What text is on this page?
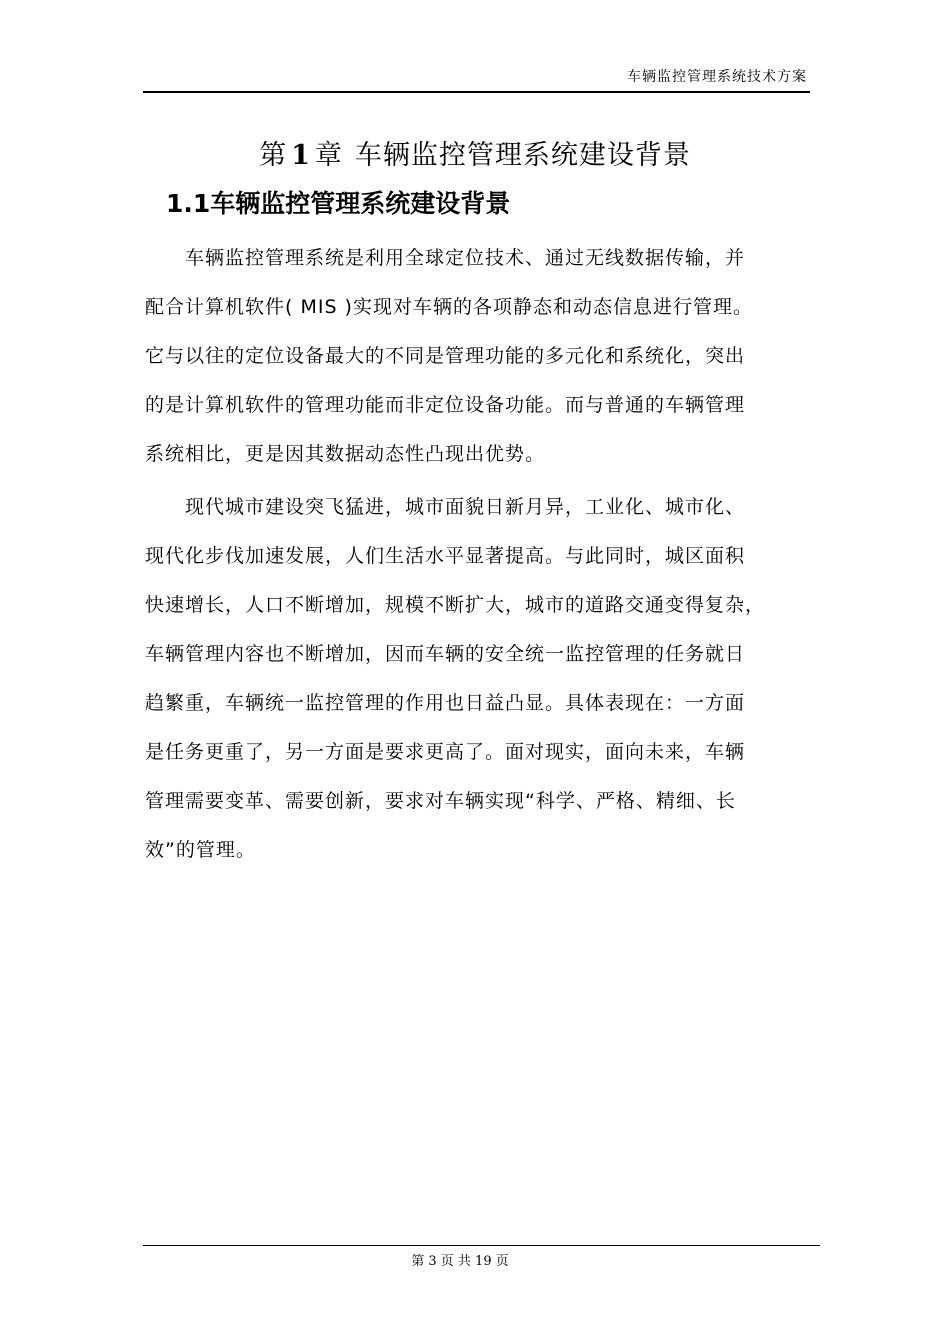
车辆监控管理系统技术方案
第 1 章 车辆监控管理系统建设背景
1.1车辆监控管理系统建设背景
　　车辆监控管理系统是利用全球定位技术、通过无线数据传输，并
配合计算机软件( MIS )实现对车辆的各项静态和动态信息进行管理。
它与以往的定位设备最大的不同是管理功能的多元化和系统化，突出
的是计算机软件的管理功能而非定位设备功能。而与普通的车辆管理
系统相比，更是因其数据动态性凸现出优势。
　　现代城市建设突飞猛进，城市面貌日新月异，工业化、城市化、
现代化步伐加速发展，人们生活水平显著提高。与此同时，城区面积
快速增长，人口不断增加，规模不断扩大，城市的道路交通变得复杂，
车辆管理内容也不断增加，因而车辆的安全统一监控管理的任务就日
趋繁重，车辆统一监控管理的作用也日益凸显。具体表现在：一方面
是任务更重了，另一方面是要求更高了。面对现实，面向未来，车辆
管理需要变革、需要创新，要求对车辆实现“科学、严格、精细、长
效”的管理。
第 3 页 共 19 页
